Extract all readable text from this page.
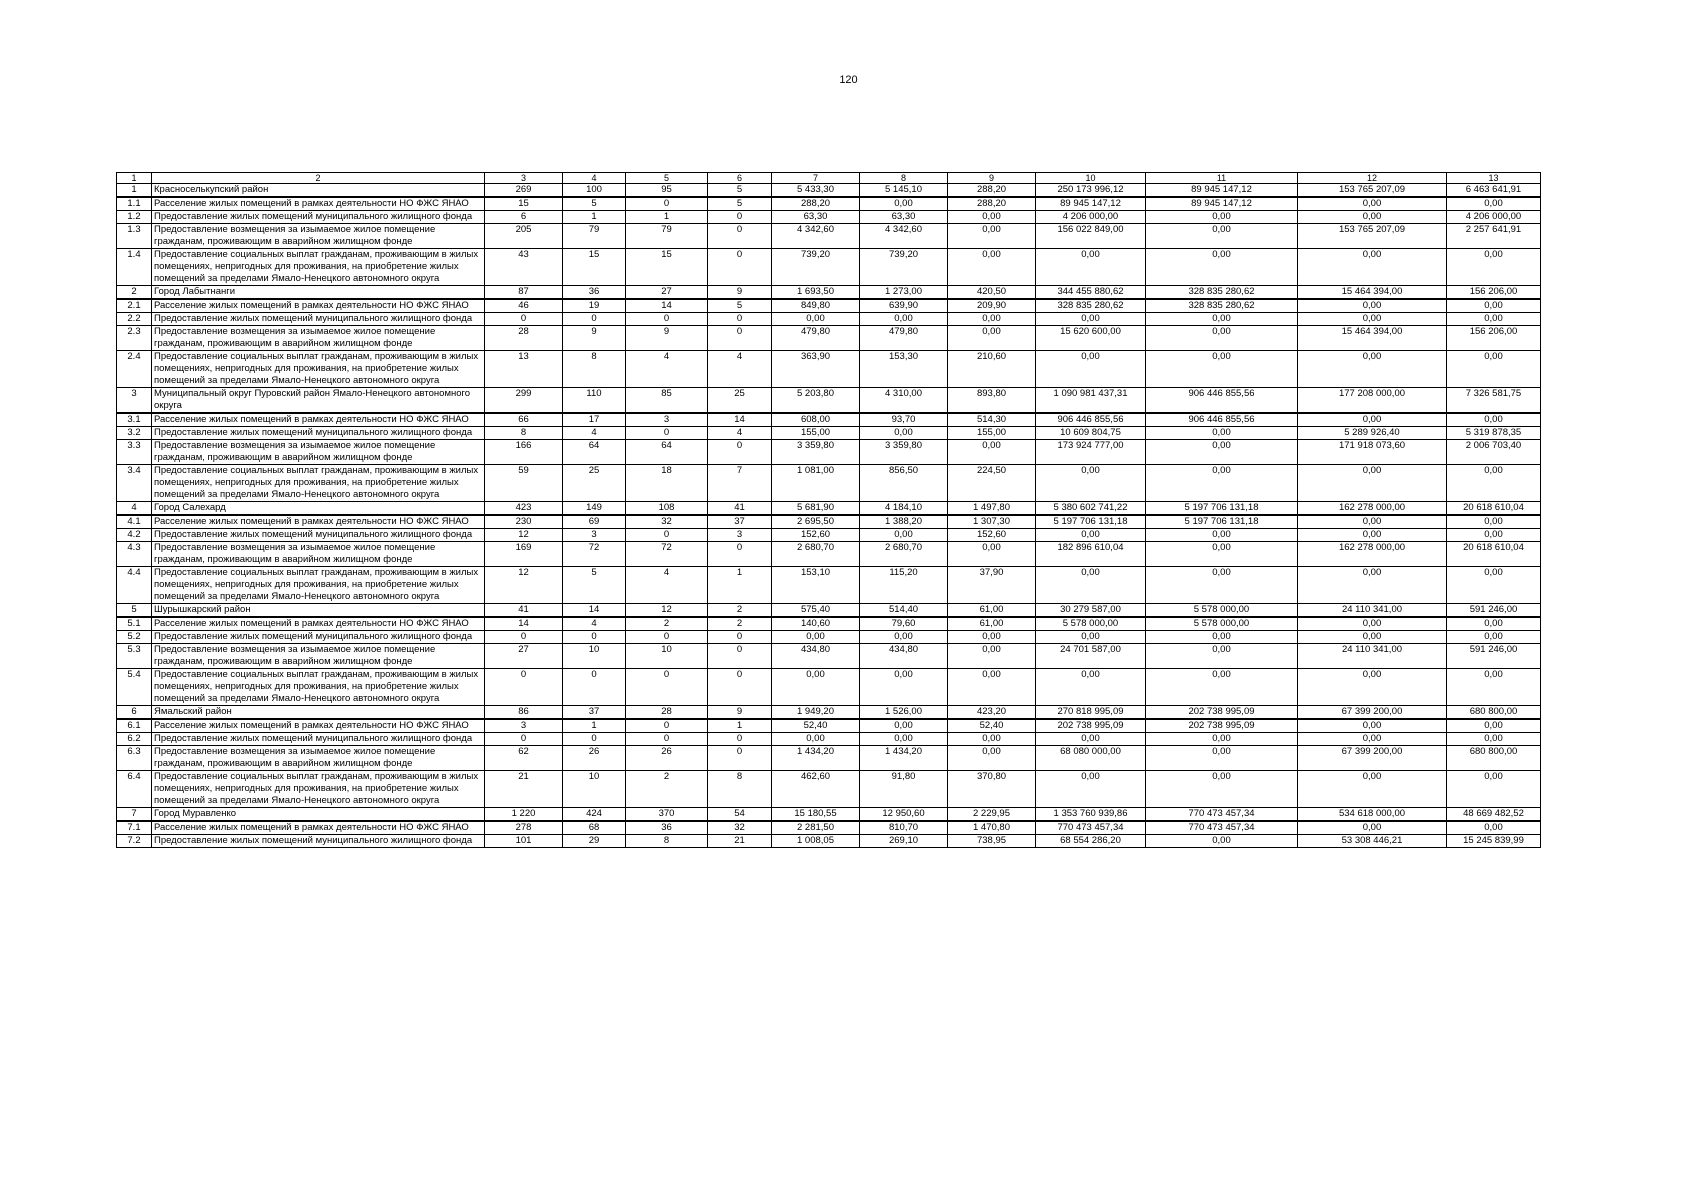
120
1	2	3	4	5	6	7	8	9	10	11	12	13
1	Красноселькупский район	269	100	95	5	5 433,30	5 145,10	288,20	250 173 996,12	89 945 147,12	153 765 207,09	6 463 641,91
1.1	Расселение жилых помещений в рамках деятельности НО ФЖС ЯНАО	15	5	0	5	288,20	0,00	288,20	89 945 147,12	89 945 147,12	0,00	0,00
1.2	Предоставление жилых помещений муниципального жилищного фонда	6	1	1	0	63,30	63,30	0,00	4 206 000,00	0,00	0,00	4 206 000,00
1.3	Предоставление возмещения за изымаемое жилое помещение гражданам, проживающим в аварийном жилищном фонде	205	79	79	0	4 342,60	4 342,60	0,00	156 022 849,00	0,00	153 765 207,09	2 257 641,91
1.4	Предоставление социальных выплат гражданам, проживающим в жилых помещениях, непригодных для проживания, на приобретение жилых помещений за пределами Ямало-Ненецкого автономного округа	43	15	15	0	739,20	739,20	0,00	0,00	0,00	0,00	0,00
2	Город Лабытнанги	87	36	27	9	1 693,50	1 273,00	420,50	344 455 880,62	328 835 280,62	15 464 394,00	156 206,00
2.1	Расселение жилых помещений в рамках деятельности НО ФЖС ЯНАО	46	19	14	5	849,80	639,90	209,90	328 835 280,62	328 835 280,62	0,00	0,00
2.2	Предоставление жилых помещений муниципального жилищного фонда	0	0	0	0	0,00	0,00	0,00	0,00	0,00	0,00	0,00
2.3	Предоставление возмещения за изымаемое жилое помещение гражданам, проживающим в аварийном жилищном фонде	28	9	9	0	479,80	479,80	0,00	15 620 600,00	0,00	15 464 394,00	156 206,00
2.4	Предоставление социальных выплат гражданам, проживающим в жилых помещениях, непригодных для проживания, на приобретение жилых помещений за пределами Ямало-Ненецкого автономного округа	13	8	4	4	363,90	153,30	210,60	0,00	0,00	0,00	0,00
3	Муниципальный округ Пуровский район Ямало-Ненецкого автономного округа	299	110	85	25	5 203,80	4 310,00	893,80	1 090 981 437,31	906 446 855,56	177 208 000,00	7 326 581,75
3.1	Расселение жилых помещений в рамках деятельности НО ФЖС ЯНАО	66	17	3	14	608,00	93,70	514,30	906 446 855,56	906 446 855,56	0,00	0,00
3.2	Предоставление жилых помещений муниципального жилищного фонда	8	4	0	4	155,00	0,00	155,00	10 609 804,75	0,00	5 289 926,40	5 319 878,35
3.3	Предоставление возмещения за изымаемое жилое помещение гражданам, проживающим в аварийном жилищном фонде	166	64	64	0	3 359,80	3 359,80	0,00	173 924 777,00	0,00	171 918 073,60	2 006 703,40
3.4	Предоставление социальных выплат гражданам, проживающим в жилых помещениях, непригодных для проживания, на приобретение жилых помещений за пределами Ямало-Ненецкого автономного округа	59	25	18	7	1 081,00	856,50	224,50	0,00	0,00	0,00	0,00
4	Город Салехард	423	149	108	41	5 681,90	4 184,10	1 497,80	5 380 602 741,22	5 197 706 131,18	162 278 000,00	20 618 610,04
4.1	Расселение жилых помещений в рамках деятельности НО ФЖС ЯНАО	230	69	32	37	2 695,50	1 388,20	1 307,30	5 197 706 131,18	5 197 706 131,18	0,00	0,00
4.2	Предоставление жилых помещений муниципального жилищного фонда	12	3	0	3	152,60	0,00	152,60	0,00	0,00	0,00	0,00
4.3	Предоставление возмещения за изымаемое жилое помещение гражданам, проживающим в аварийном жилищном фонде	169	72	72	0	2 680,70	2 680,70	0,00	182 896 610,04	0,00	162 278 000,00	20 618 610,04
4.4	Предоставление социальных выплат гражданам, проживающим в жилых помещениях, непригодных для проживания, на приобретение жилых помещений за пределами Ямало-Ненецкого автономного округа	12	5	4	1	153,10	115,20	37,90	0,00	0,00	0,00	0,00
5	Шурышкарский район	41	14	12	2	575,40	514,40	61,00	30 279 587,00	5 578 000,00	24 110 341,00	591 246,00
5.1	Расселение жилых помещений в рамках деятельности НО ФЖС ЯНАО	14	4	2	2	140,60	79,60	61,00	5 578 000,00	5 578 000,00	0,00	0,00
5.2	Предоставление жилых помещений муниципального жилищного фонда	0	0	0	0	0,00	0,00	0,00	0,00	0,00	0,00	0,00
5.3	Предоставление возмещения за изымаемое жилое помещение гражданам, проживающим в аварийном жилищном фонде	27	10	10	0	434,80	434,80	0,00	24 701 587,00	0,00	24 110 341,00	591 246,00
5.4	Предоставление социальных выплат гражданам, проживающим в жилых помещениях, непригодных для проживания, на приобретение жилых помещений за пределами Ямало-Ненецкого автономного округа	0	0	0	0	0,00	0,00	0,00	0,00	0,00	0,00	0,00
6	Ямальский район	86	37	28	9	1 949,20	1 526,00	423,20	270 818 995,09	202 738 995,09	67 399 200,00	680 800,00
6.1	Расселение жилых помещений в рамках деятельности НО ФЖС ЯНАО	3	1	0	1	52,40	0,00	52,40	202 738 995,09	202 738 995,09	0,00	0,00
6.2	Предоставление жилых помещений муниципального жилищного фонда	0	0	0	0	0,00	0,00	0,00	0,00	0,00	0,00	0,00
6.3	Предоставление возмещения за изымаемое жилое помещение гражданам, проживающим в аварийном жилищном фонде	62	26	26	0	1 434,20	1 434,20	0,00	68 080 000,00	0,00	67 399 200,00	680 800,00
6.4	Предоставление социальных выплат гражданам, проживающим в жилых помещениях, непригодных для проживания, на приобретение жилых помещений за пределами Ямало-Ненецкого автономного округа	21	10	2	8	462,60	91,80	370,80	0,00	0,00	0,00	0,00
7	Город Муравленко	1 220	424	370	54	15 180,55	12 950,60	2 229,95	1 353 760 939,86	770 473 457,34	534 618 000,00	48 669 482,52
7.1	Расселение жилых помещений в рамках деятельности НО ФЖС ЯНАО	278	68	36	32	2 281,50	810,70	1 470,80	770 473 457,34	770 473 457,34	0,00	0,00
7.2	Предоставление жилых помещений муниципального жилищного фонда	101	29	8	21	1 008,05	269,10	738,95	68 554 286,20	0,00	53 308 446,21	15 245 839,99
